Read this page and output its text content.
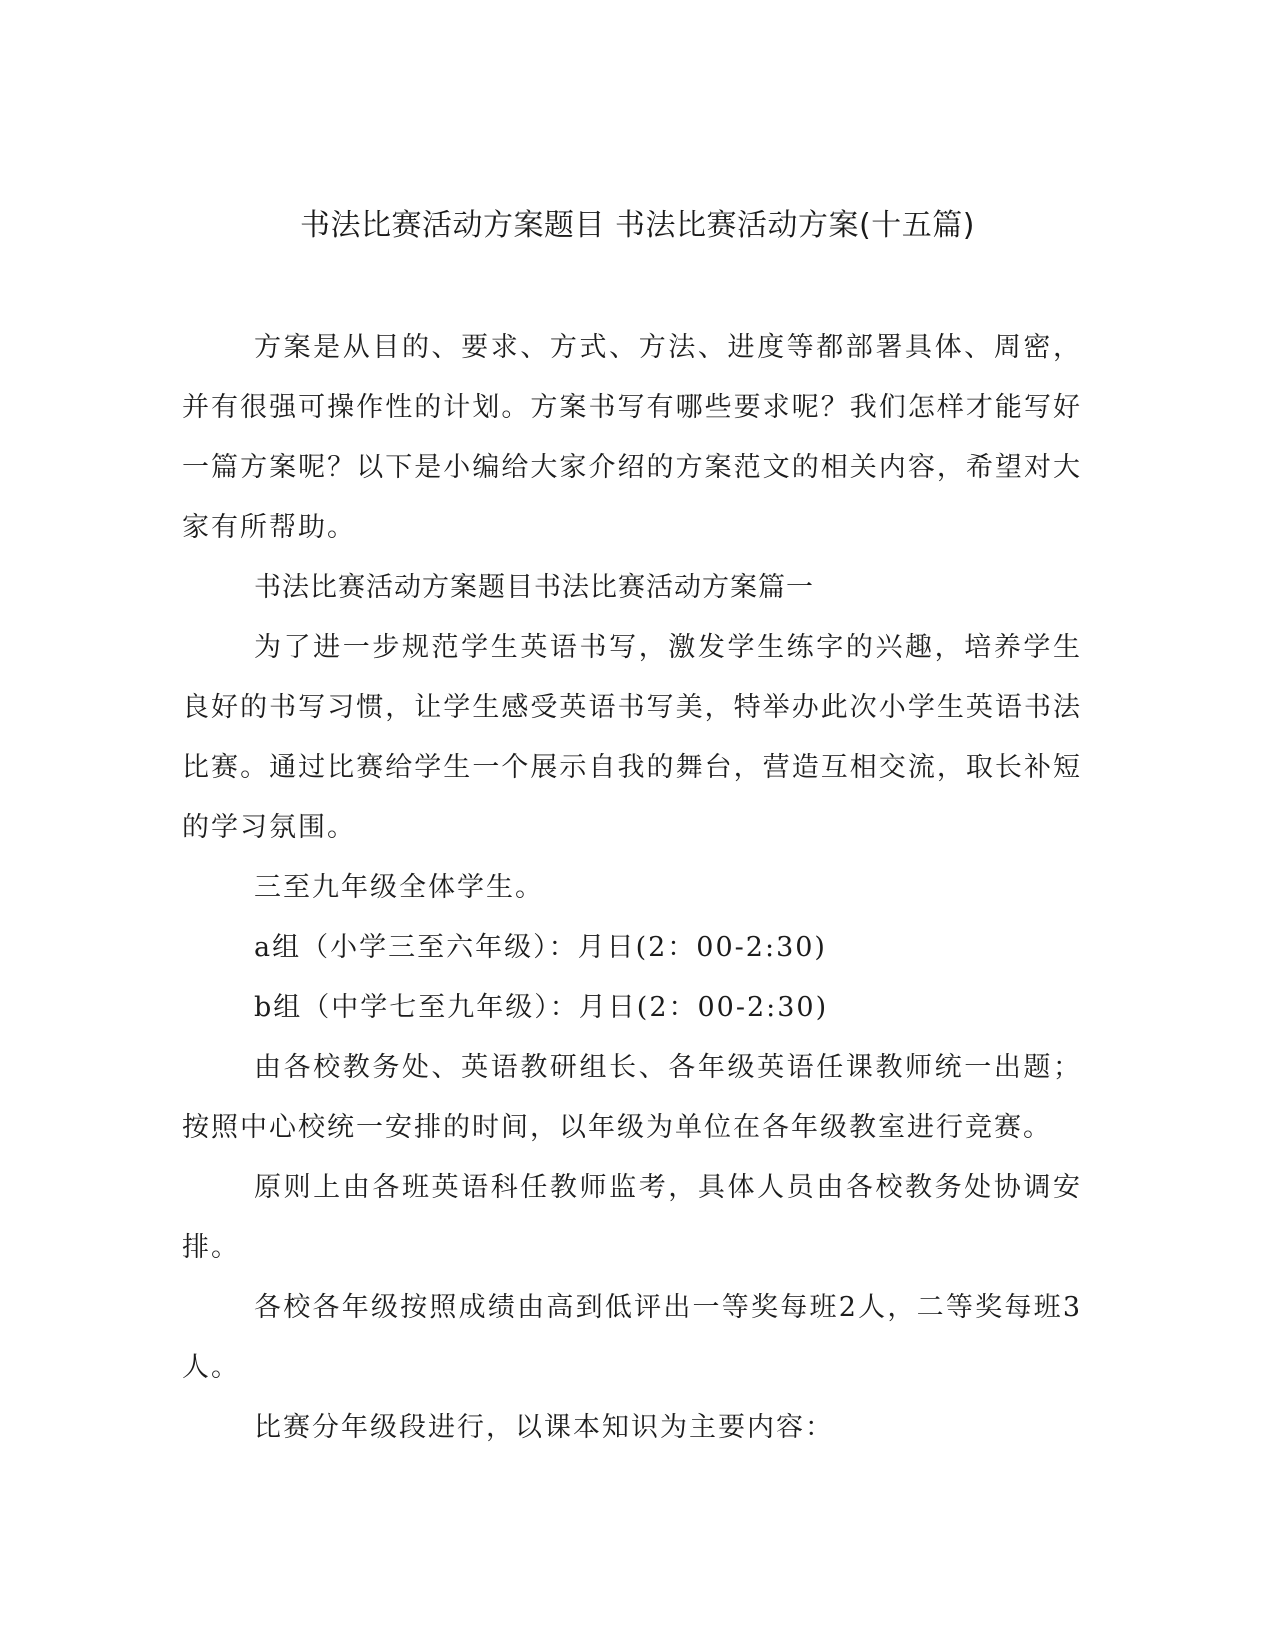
书法比赛活动方案题目 书法比赛活动方案(十五篇)

方案是从目的、要求、方式、方法、进度等都部署具体、周密，并有很强可操作性的计划。方案书写有哪些要求呢？我们怎样才能写好一篇方案呢？以下是小编给大家介绍的方案范文的相关内容，希望对大家有所帮助。

书法比赛活动方案题目书法比赛活动方案篇一

为了进一步规范学生英语书写，激发学生练字的兴趣，培养学生良好的书写习惯，让学生感受英语书写美，特举办此次小学生英语书法比赛。通过比赛给学生一个展示自我的舞台，营造互相交流，取长补短的学习氛围。

三至九年级全体学生。

a组（小学三至六年级）：月日(2：00-2:30)

b组（中学七至九年级）：月日(2：00-2:30)

由各校教务处、英语教研组长、各年级英语任课教师统一出题；按照中心校统一安排的时间，以年级为单位在各年级教室进行竞赛。

原则上由各班英语科任教师监考，具体人员由各校教务处协调安排。

各校各年级按照成绩由高到低评出一等奖每班2人，二等奖每班3人。

比赛分年级段进行，以课本知识为主要内容：
